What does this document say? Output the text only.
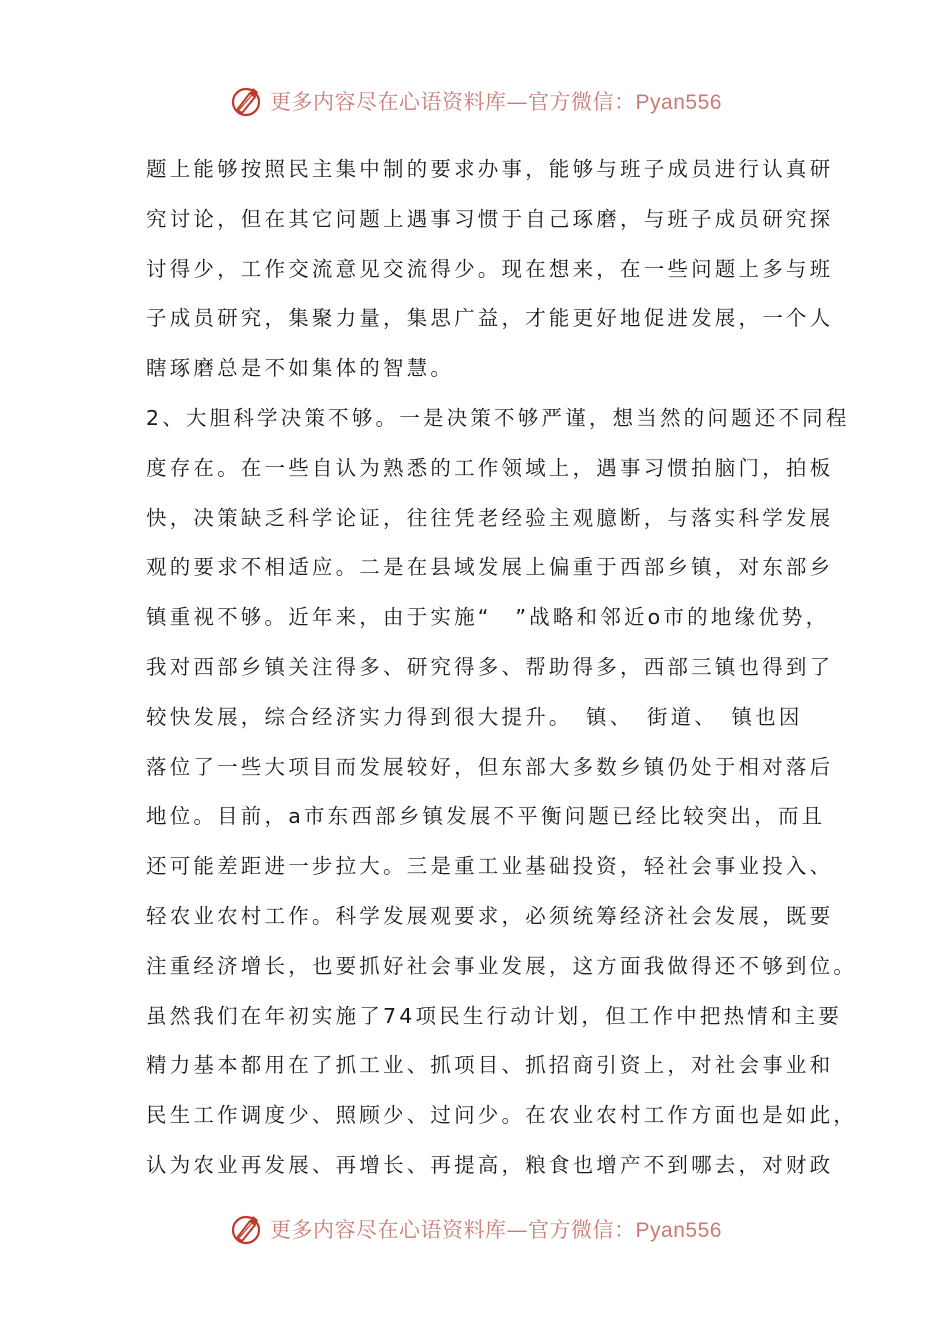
更多内容尽在心语资料库—官方微信：Pyan556
题上能够按照民主集中制的要求办事，能够与班子成员进行认真研
究讨论，但在其它问题上遇事习惯于自己琢磨，与班子成员研究探
讨得少，工作交流意见交流得少。现在想来，在一些问题上多与班
子成员研究，集聚力量，集思广益，才能更好地促进发展，一个人
瞎琢磨总是不如集体的智慧。
2、大胆科学决策不够。一是决策不够严谨，想当然的问题还不同程
度存在。在一些自认为熟悉的工作领域上，遇事习惯拍脑门，拍板
快，决策缺乏科学论证，往往凭老经验主观臆断，与落实科学发展
观的要求不相适应。二是在县域发展上偏重于西部乡镇，对东部乡
镇重视不够。近年来，由于实施“　”战略和邻近o市的地缘优势，
我对西部乡镇关注得多、研究得多、帮助得多，西部三镇也得到了
较快发展，综合经济实力得到很大提升。　镇、　街道、　镇也因
落位了一些大项目而发展较好，但东部大多数乡镇仍处于相对落后
地位。目前，a市东西部乡镇发展不平衡问题已经比较突出，而且
还可能差距进一步拉大。三是重工业基础投资，轻社会事业投入、
轻农业农村工作。科学发展观要求，必须统筹经济社会发展，既要
注重经济增长，也要抓好社会事业发展，这方面我做得还不够到位。
虽然我们在年初实施了74项民生行动计划，但工作中把热情和主要
精力基本都用在了抓工业、抓项目、抓招商引资上，对社会事业和
民生工作调度少、照顾少、过问少。在农业农村工作方面也是如此，
认为农业再发展、再增长、再提高，粮食也增产不到哪去，对财政
更多内容尽在心语资料库—官方微信：Pyan556
